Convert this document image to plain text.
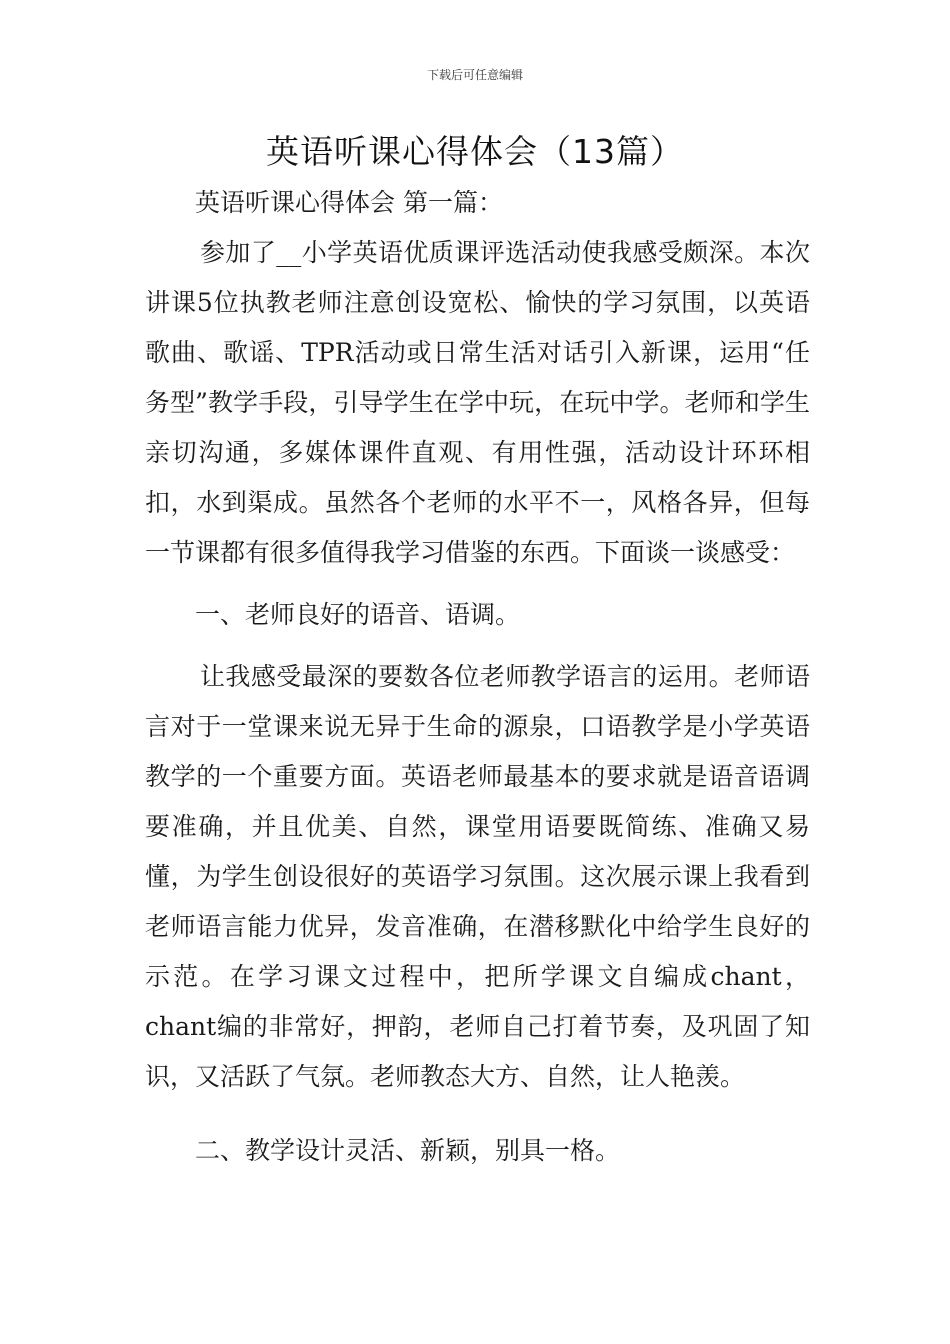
下载后可任意编辑
英语听课心得体会（13篇）

英语听课心得体会 第一篇：

参加了__小学英语优质课评选活动使我感受颇深。本次讲课5位执教老师注意创设宽松、愉快的学习氛围，以英语歌曲、歌谣、TPR活动或日常生活对话引入新课，运用“任务型”教学手段，引导学生在学中玩，在玩中学。老师和学生亲切沟通，多媒体课件直观、有用性强，活动设计环环相扣，水到渠成。虽然各个老师的水平不一，风格各异，但每一节课都有很多值得我学习借鉴的东西。下面谈一谈感受：

一、老师良好的语音、语调。

让我感受最深的要数各位老师教学语言的运用。老师语言对于一堂课来说无异于生命的源泉，口语教学是小学英语教学的一个重要方面。英语老师最基本的要求就是语音语调要准确，并且优美、自然，课堂用语要既简练、准确又易懂，为学生创设很好的英语学习氛围。这次展示课上我看到老师语言能力优异，发音准确，在潜移默化中给学生良好的示范。在学习课文过程中，把所学课文自编成chant，chant编的非常好，押韵，老师自己打着节奏，及巩固了知识，又活跃了气氛。老师教态大方、自然，让人艳羡。

二、教学设计灵活、新颖，别具一格。
